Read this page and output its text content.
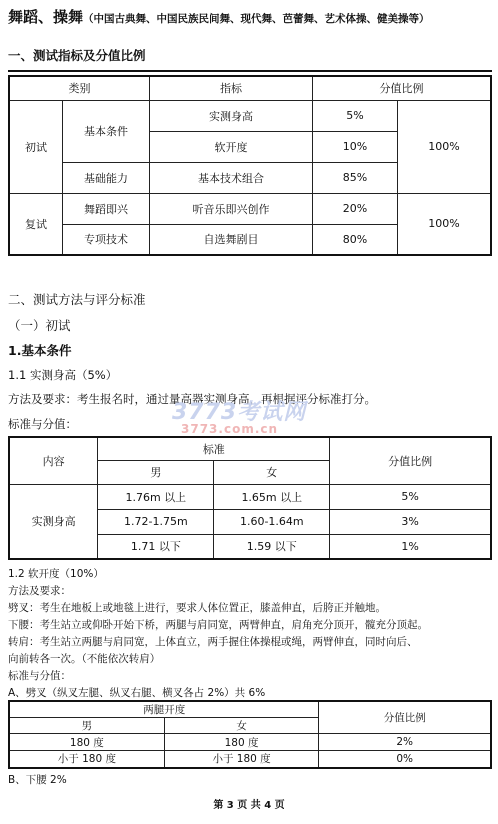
舞蹈、操舞（中国古典舞、中国民族民间舞、现代舞、芭蕾舞、艺术体操、健美操等）
一、测试指标及分值比例
类别		指标	分值比例	
初试	基本条件	实测身高	5%	100%
		软开度	10%	
	基础能力	基本技术组合	85%	
复试	舞蹈即兴	听音乐即兴创作	20%	100%
	专项技术	自选舞剧目	80%	
二、测试方法与评分标准
（一）初试
1.基本条件
1.1 实测身高（5%）
方法及要求：考生报名时，通过量高器实测身高，再根据评分标准打分。
3773考试网
3773.com.cn
标准与分值：
内容	标准		分值比例
	男	女	
实测身高	1.76m 以上	1.65m 以上	5%
	1.72-1.75m	1.60-1.64m	3%
	1.71 以下	1.59 以下	1%
1.2 软开度（10%）
方法及要求：
劈叉：考生在地板上或地毯上进行，要求人体位置正，膝盖伸直，后胯正并触地。
下腰：考生站立或仰卧开始下桥，两腿与肩同宽，两臂伸直，肩角充分顶开，髋充分顶起。
转肩：考生站立两腿与肩同宽，上体直立，两手握住体操棍或绳，两臂伸直，同时向后、
向前转各一次。（不能依次转肩）
标准与分值：
A、劈叉（纵叉左腿、纵叉右腿、横叉各占 2%）共 6%
两腿开度		分值比例
男	女	
180 度	180 度	2%
小于 180 度	小于 180 度	0%
B、下腰 2%
第 3 页 共 4 页
